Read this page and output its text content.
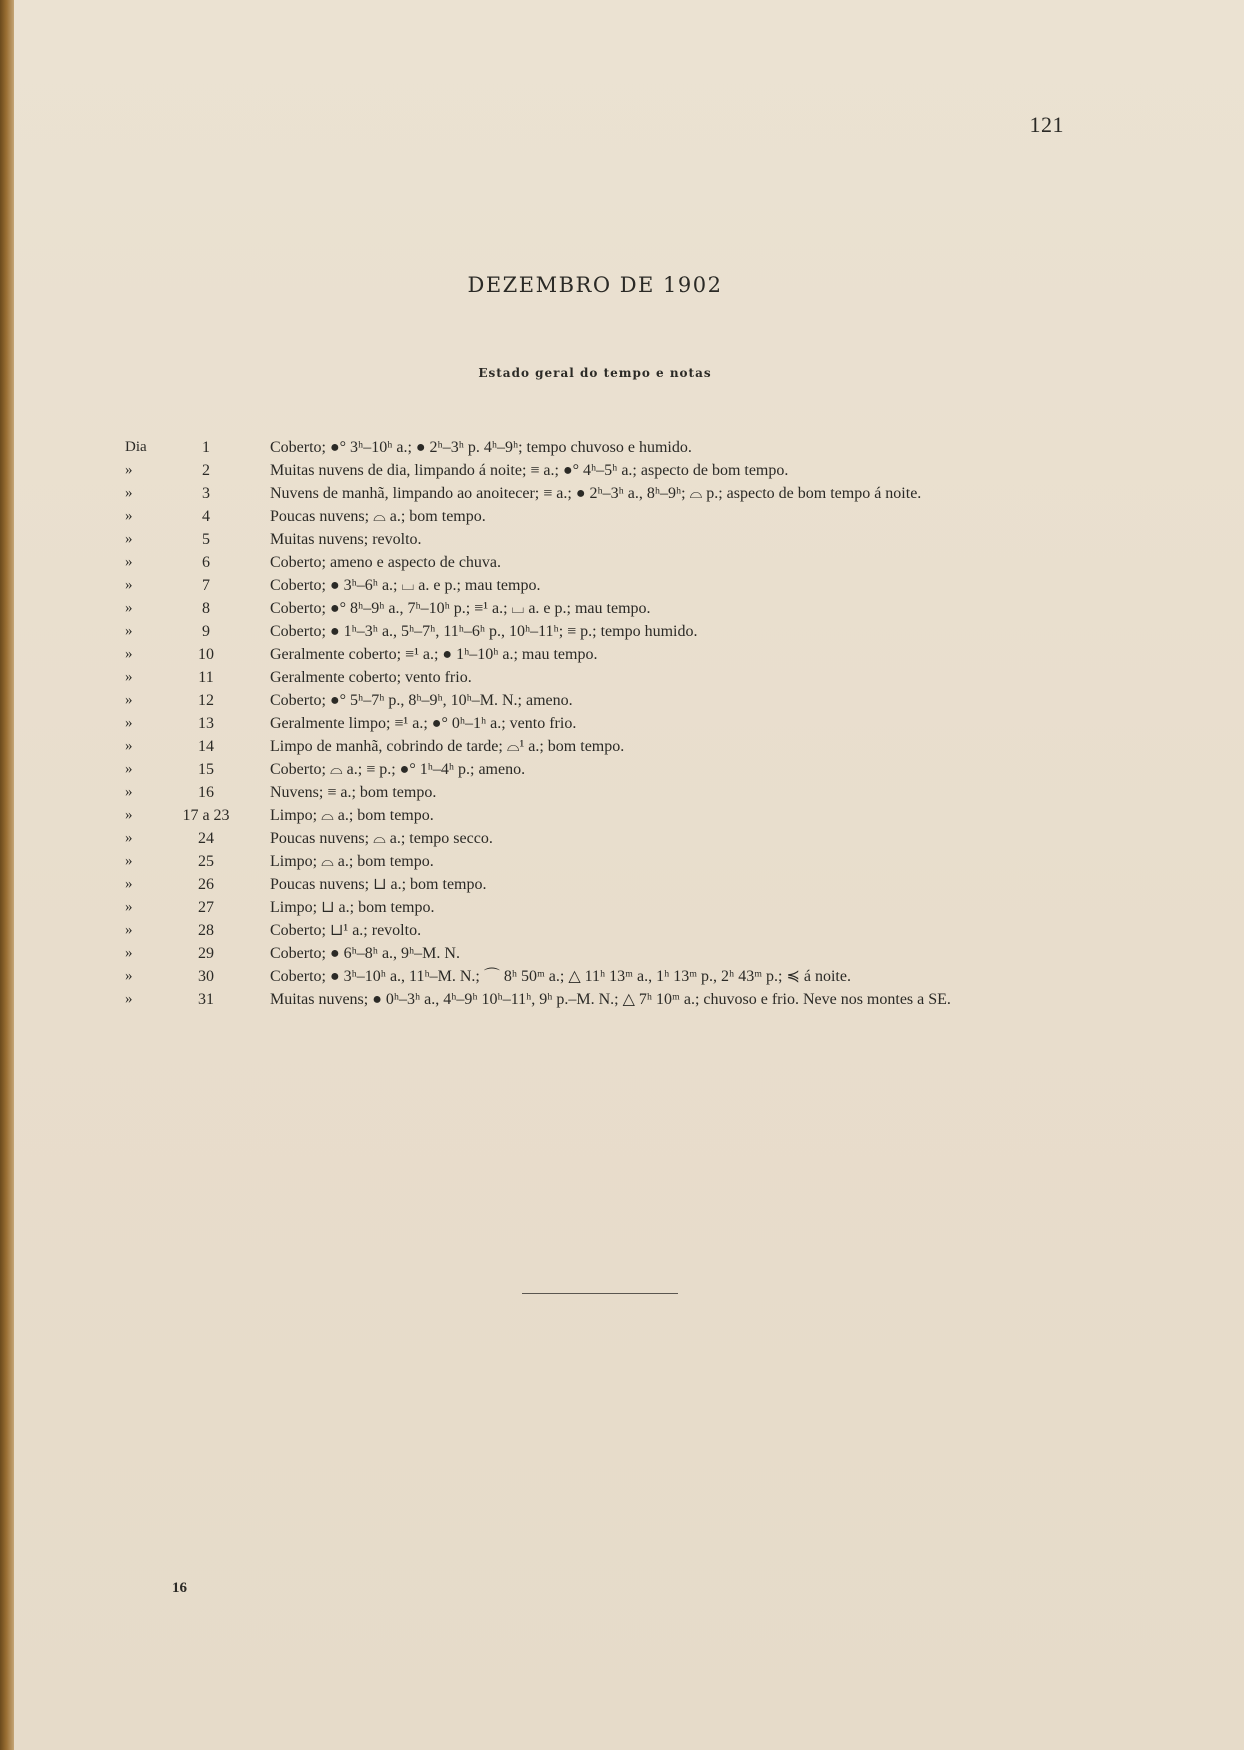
121
DEZEMBRO DE 1902
Estado geral do tempo e notas
Dia	1	Coberto; ●° 3ʰ–10ʰ a.; ● 2ʰ–3ʰ p. 4ʰ–9ʰ; tempo chuvoso e humido.
»	2	Muitas nuvens de dia, limpando á noite; ≡ a.; ●° 4ʰ–5ʰ a.; aspecto de bom tempo.
»	3	Nuvens de manhã, limpando ao anoitecer; ≡ a.; ● 2ʰ–3ʰ a., 8ʰ–9ʰ; ⌓ p.; aspecto de bom tempo á noite.
»	4	Poucas nuvens; ⌓ a.; bom tempo.
»	5	Muitas nuvens; revolto.
»	6	Coberto; ameno e aspecto de chuva.
»	7	Coberto; ● 3ʰ–6ʰ a.; ⌴ a. e p.; mau tempo.
»	8	Coberto; ●° 8ʰ–9ʰ a., 7ʰ–10ʰ p.; ≡¹ a.; ⌴ a. e p.; mau tempo.
»	9	Coberto; ● 1ʰ–3ʰ a., 5ʰ–7ʰ, 11ʰ–6ʰ p., 10ʰ–11ʰ; ≡ p.; tempo humido.
»	10	Geralmente coberto; ≡¹ a.; ● 1ʰ–10ʰ a.; mau tempo.
»	11	Geralmente coberto; vento frio.
»	12	Coberto; ●° 5ʰ–7ʰ p., 8ʰ–9ʰ, 10ʰ–M. N.; ameno.
»	13	Geralmente limpo; ≡¹ a.; ●° 0ʰ–1ʰ a.; vento frio.
»	14	Limpo de manhã, cobrindo de tarde; ⌓¹ a.; bom tempo.
»	15	Coberto; ⌓ a.; ≡ p.; ●° 1ʰ–4ʰ p.; ameno.
»	16	Nuvens; ≡ a.; bom tempo.
»	17 a 23	Limpo; ⌓ a.; bom tempo.
»	24	Poucas nuvens; ⌓ a.; tempo secco.
»	25	Limpo; ⌓ a.; bom tempo.
»	26	Poucas nuvens; ⊔ a.; bom tempo.
»	27	Limpo; ⊔ a.; bom tempo.
»	28	Coberto; ⊔¹ a.; revolto.
»	29	Coberto; ● 6ʰ–8ʰ a., 9ʰ–M. N.
»	30	Coberto; ● 3ʰ–10ʰ a., 11ʰ–M. N.; ⌒ 8ʰ 50ᵐ a.; △ 11ʰ 13ᵐ a., 1ʰ 13ᵐ p., 2ʰ 43ᵐ p.; ≼ á noite.
»	31	Muitas nuvens; ● 0ʰ–3ʰ a., 4ʰ–9ʰ 10ʰ–11ʰ, 9ʰ p.–M. N.; △ 7ʰ 10ᵐ a.; chuvoso e frio. Neve nos montes a SE.
16
